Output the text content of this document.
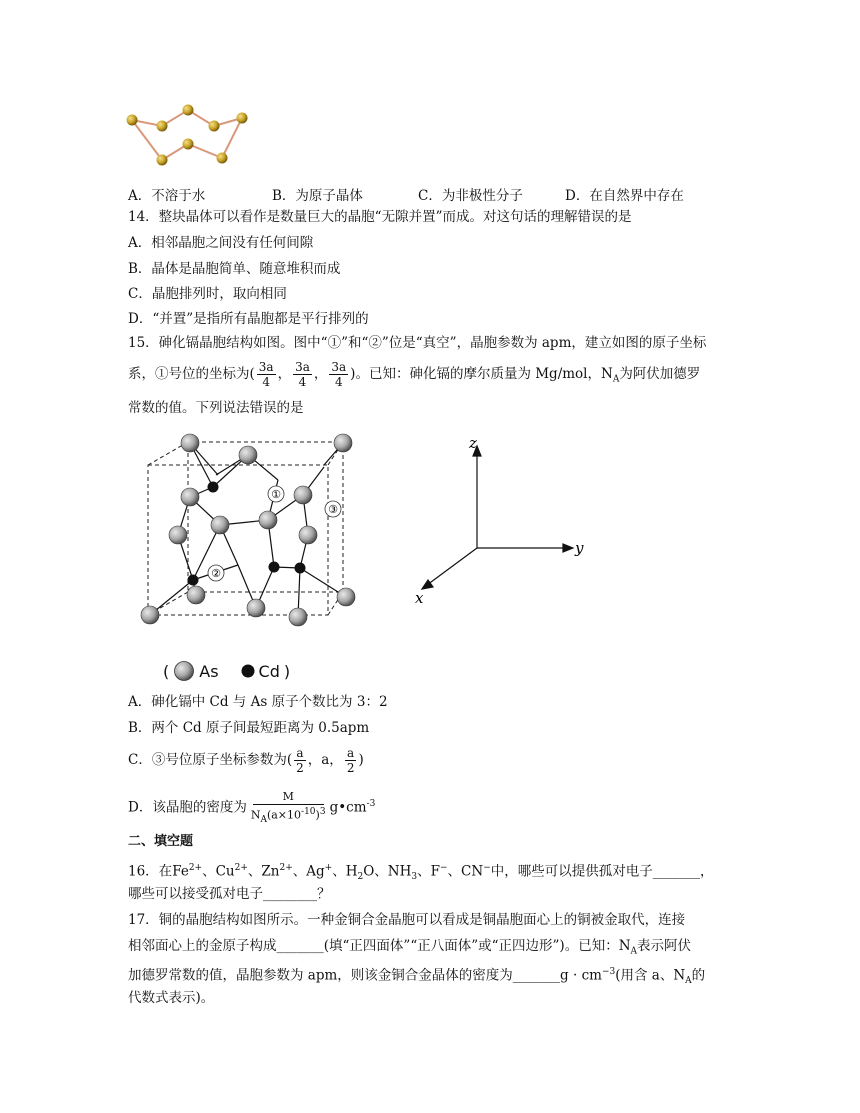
A．不溶于水	B．为原子晶体	C．为非极性分子	D．在自然界中存在
14．整块晶体可以看作是数量巨大的晶胞“无隙并置”而成。对这句话的理解错误的是
A．相邻晶胞之间没有任何间隙
B．晶体是晶胞简单、随意堆积而成
C．晶胞排列时，取向相同
D．“并置”是指所有晶胞都是平行排列的
15．砷化镉晶胞结构如图。图中“①”和“②”位是“真空”，晶胞参数为 apm，建立如图的原子坐标
系，①号位的坐标为( $\frac{3a}{4}$ ， $\frac{3a}{4}$ ， $\frac{3a}{4}$ )。已知：砷化镉的摩尔质量为 Mg/mol，$N_A$为阿伏加德罗
常数的值。下列说法错误的是
①
②
③
z
y
x
( As	Cd )
A．砷化镉中 Cd 与 As 原子个数比为 3：2
B．两个 Cd 原子间最短距离为 0.5apm
C．③号位原子坐标参数为( $\frac{a}{2}$ ，a， $\frac{a}{2}$ )
D．该晶胞的密度为 $\frac{M}{N_A(a\times 10^{-10})^3}$ $g•cm^{-3}$
二、填空题
16．在$Fe^{2+}$、$Cu^{2+}$、$Zn^{2+}$、Ag+、$H_2O$、$NH_3$、F−、CN−中，哪些可以提供孤对电子_______，
哪些可以接受孤对电子________？
17．铜的晶胞结构如图所示。一种金铜合金晶胞可以看成是铜晶胞面心上的铜被金取代，连接
相邻面心上的金原子构成_______(填“正四面体”“正八面体”或“正四边形”)。已知：$N_A$表示阿伏
加德罗常数的值，晶胞参数为 apm，则该金铜合金晶体的密度为_______g · $cm^{-3}$(用含 a、$N_A$的
代数式表示)。
